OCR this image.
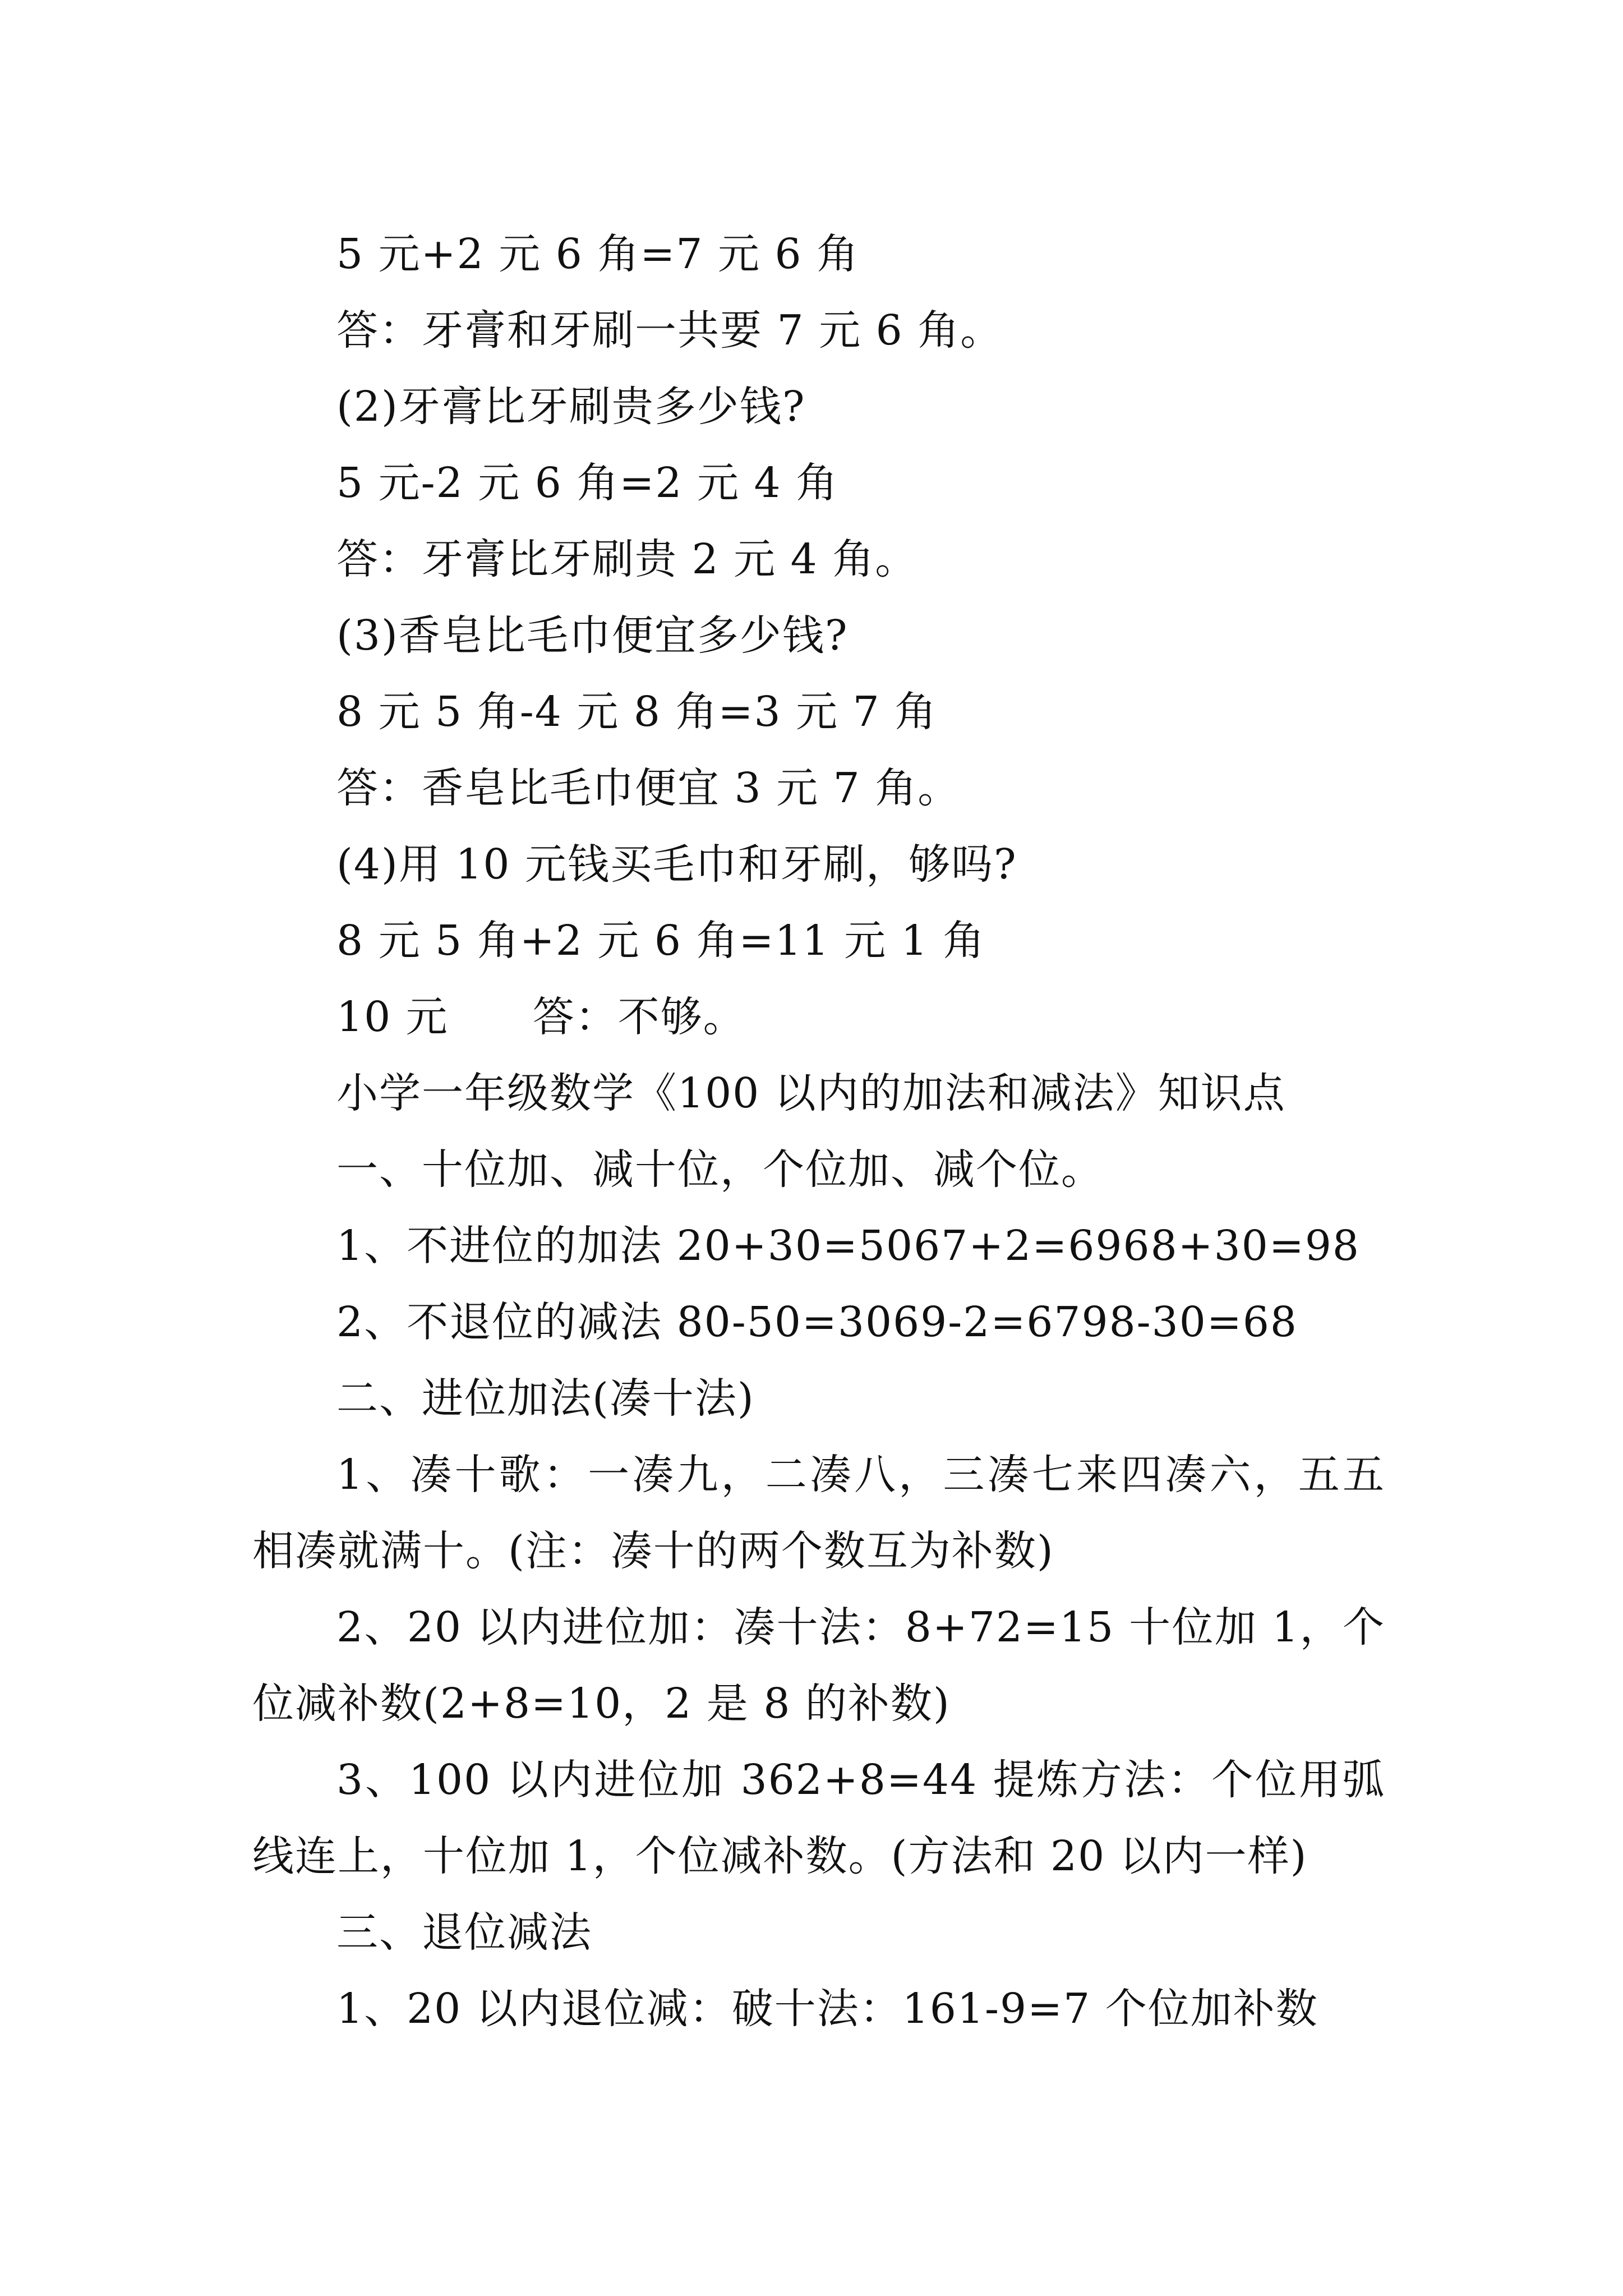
5 元+2 元 6 角=7 元 6 角
答：牙膏和牙刷一共要 7 元 6 角。
(2)牙膏比牙刷贵多少钱?
5 元-2 元 6 角=2 元 4 角
答：牙膏比牙刷贵 2 元 4 角。
(3)香皂比毛巾便宜多少钱?
8 元 5 角-4 元 8 角=3 元 7 角
答：香皂比毛巾便宜 3 元 7 角。
(4)用 10 元钱买毛巾和牙刷，够吗?
8 元 5 角+2 元 6 角=11 元 1 角
10 元 答：不够。
小学一年级数学《100 以内的加法和减法》知识点
一、十位加、减十位，个位加、减个位。
1、不进位的加法 20+30=5067+2=6968+30=98
2、不退位的减法 80-50=3069-2=6798-30=68
二、进位加法(凑十法)
1、凑十歌：一凑九，二凑八，三凑七来四凑六，五五相凑就满十。(注：凑十的两个数互为补数)
2、20 以内进位加：凑十法：8+72=15 十位加 1，个位减补数(2+8=10，2 是 8 的补数)
3、100 以内进位加 362+8=44 提炼方法：个位用弧线连上，十位加 1，个位减补数。(方法和 20 以内一样)
三、退位减法
1、20 以内退位减：破十法：161-9=7 个位加补数
